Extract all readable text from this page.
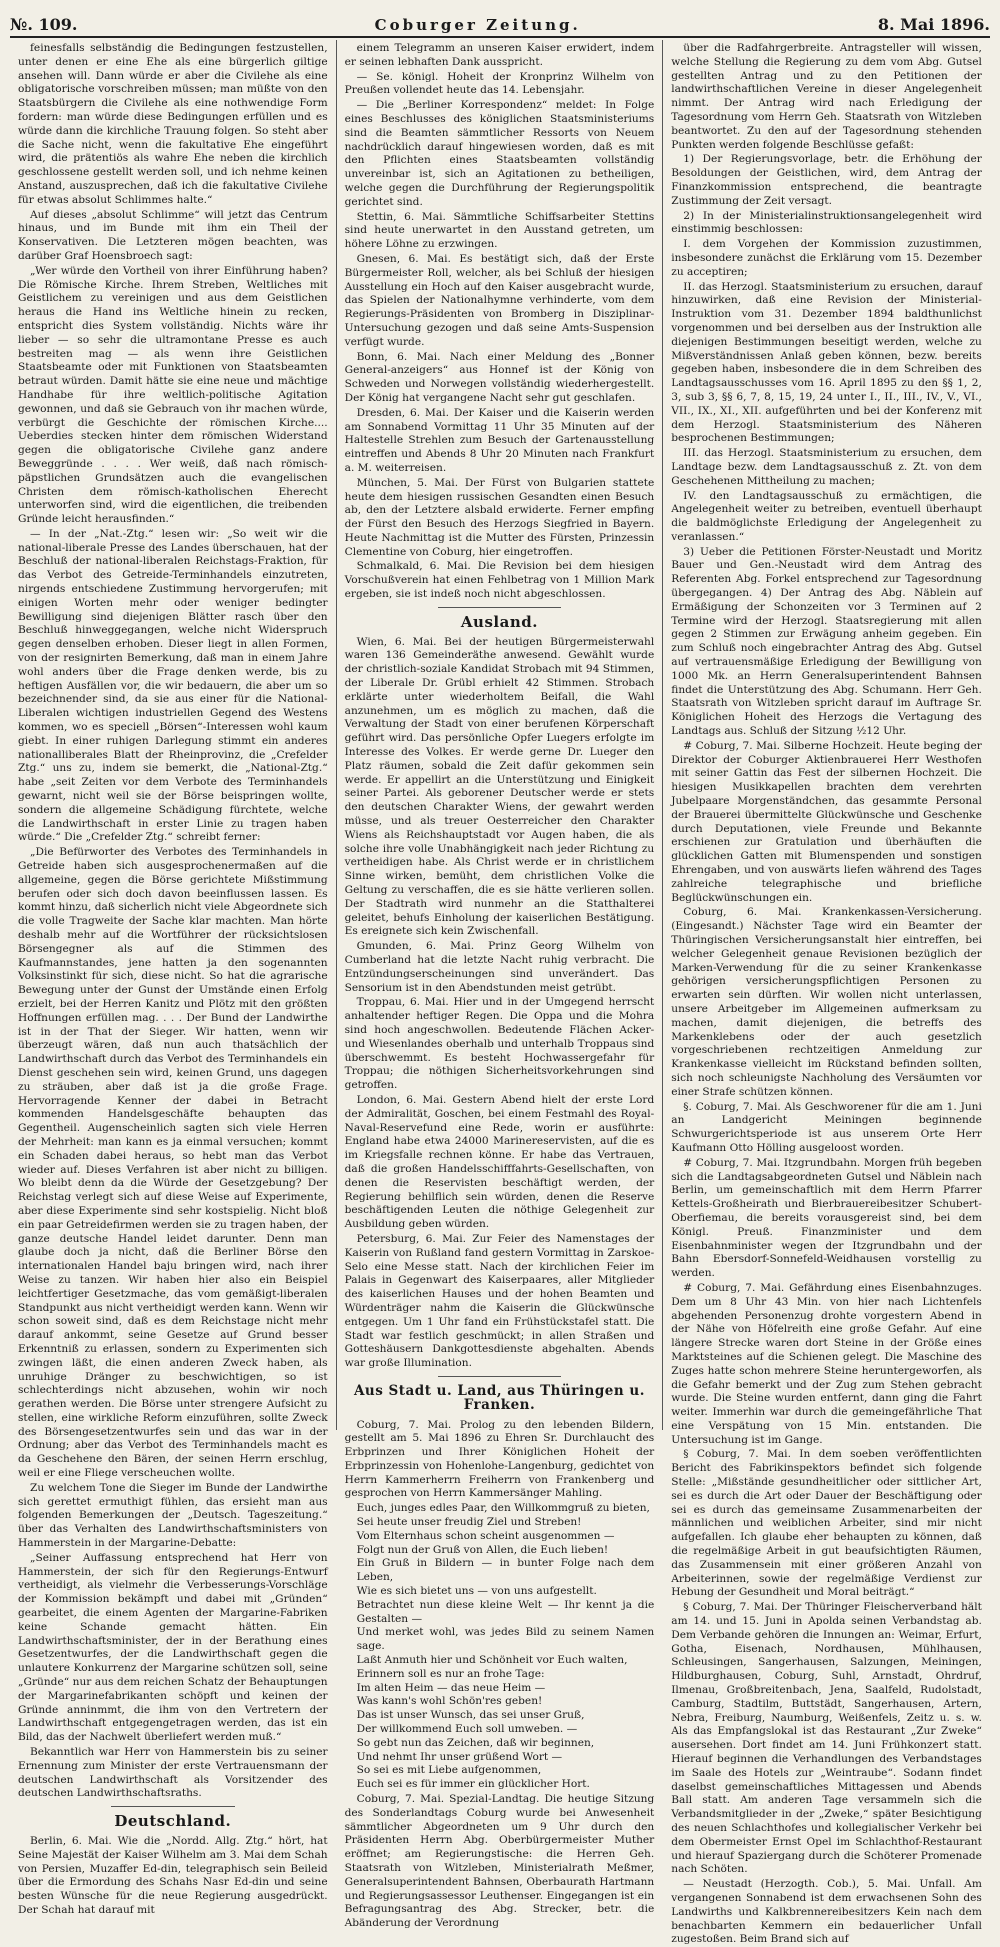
№. 109.	Coburger Zeitung.	8. Mai 1896.

feinesfalls selbständig die Bedingungen festzustellen, unter denen er eine Ehe als eine bürgerlich giltige ansehen will. Dann würde er aber die Civilehe als eine obligatorische vorschreiben müssen; man müßte von den Staatsbürgern die Civilehe als eine nothwendige Form fordern: man würde diese Bedingungen erfüllen und es würde dann die kirchliche Trauung folgen. So steht aber die Sache nicht, wenn die fakultative Ehe eingeführt wird, die prätentiös als wahre Ehe neben die kirchlich geschlossene gestellt werden soll, und ich nehme keinen Anstand, auszusprechen, daß ich die fakultative Civilehe für etwas absolut Schlimmes halte.“

Auf dieses „absolut Schlimme“ will jetzt das Centrum hinaus, und im Bunde mit ihm ein Theil der Konservativen. Die Letzteren mögen beachten, was darüber Graf Hoensbroech sagt:

„Wer würde den Vortheil von ihrer Einführung haben? Die Römische Kirche. Ihrem Streben, Weltliches mit Geistlichem zu vereinigen und aus dem Geistlichen heraus die Hand ins Weltliche hinein zu recken, entspricht dies System vollständig. Nichts wäre ihr lieber — so sehr die ultramontane Presse es auch bestreiten mag — als wenn ihre Geistlichen Staatsbeamte oder mit Funktionen von Staatsbeamten betraut würden. Damit hätte sie eine neue und mächtige Handhabe für ihre weltlich-politische Agitation gewonnen, und daß sie Gebrauch von ihr machen würde, verbürgt die Geschichte der römischen Kirche.... Ueberdies stecken hinter dem römischen Widerstand gegen die obligatorische Civilehe ganz andere Beweggründe . . . . Wer weiß, daß nach römisch-päpstlichen Grundsätzen auch die evangelischen Christen dem römisch-katholischen Eherecht unterworfen sind, wird die eigentlichen, die treibenden Gründe leicht herausfinden.“

— In der „Nat.-Ztg.“ lesen wir: „So weit wir die national-liberale Presse des Landes überschauen, hat der Beschluß der national-liberalen Reichstags-Fraktion, für das Verbot des Getreide-Terminhandels einzutreten, nirgends entschiedene Zustimmung hervorgerufen; mit einigen Worten mehr oder weniger bedingter Bewilligung sind diejenigen Blätter rasch über den Beschluß hinweggegangen, welche nicht Widerspruch gegen denselben erhoben. Dieser liegt in allen Formen, von der resignirten Bemerkung, daß man in einem Jahre wohl anders über die Frage denken werde, bis zu heftigen Ausfällen vor, die wir bedauern, die aber um so bezeichnender sind, da sie aus einer für die National-Liberalen wichtigen industriellen Gegend des Westens kommen, wo es speciell „Börsen“-Interessen wohl kaum giebt. In einer ruhigen Darlegung stimmt ein anderes nationalliberales Blatt der Rheinprovinz, die „Crefelder Ztg.“ uns zu, indem sie bemerkt, die „National-Ztg.“ habe „seit Zeiten vor dem Verbote des Terminhandels gewarnt, nicht weil sie der Börse beispringen wollte, sondern die allgemeine Schädigung fürchtete, welche die Landwirthschaft in erster Linie zu tragen haben würde.“ Die „Crefelder Ztg.“ schreibt ferner:

„Die Befürworter des Verbotes des Terminhandels in Getreide haben sich ausgesprochenermaßen auf die allgemeine, gegen die Börse gerichtete Mißstimmung berufen oder sich doch davon beeinflussen lassen. Es kommt hinzu, daß sicherlich nicht viele Abgeordnete sich die volle Tragweite der Sache klar machten. Man hörte deshalb mehr auf die Wortführer der rücksichtslosen Börsengegner als auf die Stimmen des Kaufmannstandes, jene hatten ja den sogenannten Volksinstinkt für sich, diese nicht. So hat die agrarische Bewegung unter der Gunst der Umstände einen Erfolg erzielt, bei der Herren Kanitz und Plötz mit den größten Hoffnungen erfüllen mag. . . . Der Bund der Landwirthe ist in der That der Sieger. Wir hatten, wenn wir überzeugt wären, daß nun auch thatsächlich der Landwirthschaft durch das Verbot des Terminhandels ein Dienst geschehen sein wird, keinen Grund, uns dagegen zu sträuben, aber daß ist ja die große Frage. Hervorragende Kenner der dabei in Betracht kommenden Handelsgeschäfte behaupten das Gegentheil. Augenscheinlich sagten sich viele Herren der Mehrheit: man kann es ja einmal versuchen; kommt ein Schaden dabei heraus, so hebt man das Verbot wieder auf. Dieses Verfahren ist aber nicht zu billigen. Wo bleibt denn da die Würde der Gesetzgebung? Der Reichstag verlegt sich auf diese Weise auf Experimente, aber diese Experimente sind sehr kostspielig. Nicht bloß ein paar Getreidefirmen werden sie zu tragen haben, der ganze deutsche Handel leidet darunter. Denn man glaube doch ja nicht, daß die Berliner Börse den internationalen Handel baju bringen wird, nach ihrer Weise zu tanzen. Wir haben hier also ein Beispiel leichtfertiger Gesetzmache, das vom gemäßigt-liberalen Standpunkt aus nicht vertheidigt werden kann. Wenn wir schon soweit sind, daß es dem Reichstage nicht mehr darauf ankommt, seine Gesetze auf Grund besser Erkenntniß zu erlassen, sondern zu Experimenten sich zwingen läßt, die einen anderen Zweck haben, als unruhige Dränger zu beschwichtigen, so ist schlechterdings nicht abzusehen, wohin wir noch gerathen werden. Die Börse unter strengere Aufsicht zu stellen, eine wirkliche Reform einzuführen, sollte Zweck des Börsengesetzentwurfes sein und das war in der Ordnung; aber das Verbot des Terminhandels macht es da Geschehene den Bären, der seinen Herrn erschlug, weil er eine Fliege verscheuchen wollte.

Zu welchem Tone die Sieger im Bunde der Landwirthe sich gerettet ermuthigt fühlen, das ersieht man aus folgenden Bemerkungen der „Deutsch. Tageszeitung.“ über das Verhalten des Landwirthschaftsministers von Hammerstein in der Margarine-Debatte:

„Seiner Auffassung entsprechend hat Herr von Hammerstein, der sich für den Regierungs-Entwurf vertheidigt, als vielmehr die Verbesserungs-Vorschläge der Kommission bekämpft und dabei mit „Gründen“ gearbeitet, die einem Agenten der Margarine-Fabriken keine Schande gemacht hätten. Ein Landwirthschaftsminister, der in der Berathung eines Gesetzentwurfes, der die Landwirthschaft gegen die unlautere Konkurrenz der Margarine schützen soll, seine „Gründe“ nur aus dem reichen Schatz der Behauptungen der Margarinefabrikanten schöpft und keinen der Gründe anninmmt, die ihm von den Vertretern der Landwirthschaft entgegengetragen werden, das ist ein Bild, das der Nachwelt überliefert werden muß.“

Bekanntlich war Herr von Hammerstein bis zu seiner Ernennung zum Minister der erste Vertrauensmann der deutschen Landwirthschaft als Vorsitzender des deutschen Landwirthschaftsraths.

Deutschland.

Berlin, 6. Mai. Wie die „Nordd. Allg. Ztg.“ hört, hat Seine Majestät der Kaiser Wilhelm am 3. Mai dem Schah von Persien, Muzaffer Ed-din, telegraphisch sein Beileid über die Ermordung des Schahs Nasr Ed-din und seine besten Wünsche für die neue Regierung ausgedrückt. Der Schah hat darauf mit

einem Telegramm an unseren Kaiser erwidert, indem er seinen lebhaften Dank ausspricht.

— Se. königl. Hoheit der Kronprinz Wilhelm von Preußen vollendet heute das 14. Lebensjahr.

— Die „Berliner Korrespondenz“ meldet: In Folge eines Beschlusses des königlichen Staatsministeriums sind die Beamten sämmtlicher Ressorts von Neuem nachdrücklich darauf hingewiesen worden, daß es mit den Pflichten eines Staatsbeamten vollständig unvereinbar ist, sich an Agitationen zu betheiligen, welche gegen die Durchführung der Regierungspolitik gerichtet sind.

Stettin, 6. Mai. Sämmtliche Schiffsarbeiter Stettins sind heute unerwartet in den Ausstand getreten, um höhere Löhne zu erzwingen.

Gnesen, 6. Mai. Es bestätigt sich, daß der Erste Bürgermeister Roll, welcher, als bei Schluß der hiesigen Ausstellung ein Hoch auf den Kaiser ausgebracht wurde, das Spielen der Nationalhymne verhinderte, vom dem Regierungs-Präsidenten von Bromberg in Disziplinar-Untersuchung gezogen und daß seine Amts-Suspension verfügt wurde.

Bonn, 6. Mai. Nach einer Meldung des „Bonner General-anzeigers“ aus Honnef ist der König von Schweden und Norwegen vollständig wiederhergestellt. Der König hat vergangene Nacht sehr gut geschlafen.

Dresden, 6. Mai. Der Kaiser und die Kaiserin werden am Sonnabend Vormittag 11 Uhr 35 Minuten auf der Haltestelle Strehlen zum Besuch der Gartenausstellung eintreffen und Abends 8 Uhr 20 Minuten nach Frankfurt a. M. weiterreisen.

München, 5. Mai. Der Fürst von Bulgarien stattete heute dem hiesigen russischen Gesandten einen Besuch ab, den der Letztere alsbald erwiderte. Ferner empfing der Fürst den Besuch des Herzogs Siegfried in Bayern. Heute Nachmittag ist die Mutter des Fürsten, Prinzessin Clementine von Coburg, hier eingetroffen.

Schmalkald, 6. Mai. Die Revision bei dem hiesigen Vorschußverein hat einen Fehlbetrag von 1 Million Mark ergeben, sie ist indeß noch nicht abgeschlossen.

Ausland.

Wien, 6. Mai. Bei der heutigen Bürgermeisterwahl waren 136 Gemeinderäthe anwesend. Gewählt wurde der christlich-soziale Kandidat Strobach mit 94 Stimmen, der Liberale Dr. Grübl erhielt 42 Stimmen. Strobach erklärte unter wiederholtem Beifall, die Wahl anzunehmen, um es möglich zu machen, daß die Verwaltung der Stadt von einer berufenen Körperschaft geführt wird. Das persönliche Opfer Luegers erfolgte im Interesse des Volkes. Er werde gerne Dr. Lueger den Platz räumen, sobald die Zeit dafür gekommen sein werde. Er appellirt an die Unterstützung und Einigkeit seiner Partei. Als geborener Deutscher werde er stets den deutschen Charakter Wiens, der gewahrt werden müsse, und als treuer Oesterreicher den Charakter Wiens als Reichshauptstadt vor Augen haben, die als solche ihre volle Unabhängigkeit nach jeder Richtung zu vertheidigen habe. Als Christ werde er in christlichem Sinne wirken, bemüht, dem christlichen Volke die Geltung zu verschaffen, die es sie hätte verlieren sollen. Der Stadtrath wird nunmehr an die Statthalterei geleitet, behufs Einholung der kaiserlichen Bestätigung. Es ereignete sich kein Zwischenfall.

Gmunden, 6. Mai. Prinz Georg Wilhelm von Cumberland hat die letzte Nacht ruhig verbracht. Die Entzündungserscheinungen sind unverändert. Das Sensorium ist in den Abendstunden meist getrübt.

Troppau, 6. Mai. Hier und in der Umgegend herrscht anhaltender heftiger Regen. Die Oppa und die Mohra sind hoch angeschwollen. Bedeutende Flächen Acker- und Wiesenlandes oberhalb und unterhalb Troppaus sind überschwemmt. Es besteht Hochwassergefahr für Troppau; die nöthigen Sicherheitsvorkehrungen sind getroffen.

London, 6. Mai. Gestern Abend hielt der erste Lord der Admiralität, Goschen, bei einem Festmahl des Royal-Naval-Reservefund eine Rede, worin er ausführte: England habe etwa 24000 Marinereservisten, auf die es im Kriegsfalle rechnen könne. Er habe das Vertrauen, daß die großen Handelsschifffahrts-Gesellschaften, von denen die Reservisten beschäftigt werden, der Regierung behilflich sein würden, denen die Reserve beschäftigenden Leuten die nöthige Gelegenheit zur Ausbildung geben würden.

Petersburg, 6. Mai. Zur Feier des Namenstages der Kaiserin von Rußland fand gestern Vormittag in Zarskoe-Selo eine Messe statt. Nach der kirchlichen Feier im Palais in Gegenwart des Kaiserpaares, aller Mitglieder des kaiserlichen Hauses und der hohen Beamten und Würdenträger nahm die Kaiserin die Glückwünsche entgegen. Um 1 Uhr fand ein Frühstückstafel statt. Die Stadt war festlich geschmückt; in allen Straßen und Gotteshäusern Dankgottesdienste abgehalten. Abends war große Illumination.

Aus Stadt u. Land, aus Thüringen u. Franken.

Coburg, 7. Mai. Prolog zu den lebenden Bildern, gestellt am 5. Mai 1896 zu Ehren Sr. Durchlaucht des Erbprinzen und Ihrer Königlichen Hoheit der Erbprinzessin von Hohenlohe-Langenburg, gedichtet von Herrn Kammerherrn Freiherrn von Frankenberg und gesprochen von Herrn Kammersänger Mahling.

Euch, junges edles Paar, den Willkommgruß zu bieten,

Sei heute unser freudig Ziel und Streben!

Vom Elternhaus schon scheint ausgenommen —

Folgt nun der Gruß von Allen, die Euch lieben!

Ein Gruß in Bildern — in bunter Folge nach dem Leben,

Wie es sich bietet uns — von uns aufgestellt.

Betrachtet nun diese kleine Welt — Ihr kennt ja die Gestalten —

Und merket wohl, was jedes Bild zu seinem Namen sage.

Laßt Anmuth hier und Schönheit vor Euch walten,

Erinnern soll es nur an frohe Tage:

Im alten Heim — das neue Heim —

Was kann's wohl Schön'res geben!

Das ist unser Wunsch, das sei unser Gruß,

Der willkommend Euch soll umweben. —

So gebt nun das Zeichen, daß wir beginnen,

Und nehmt Ihr unser grüßend Wort —

So sei es mit Liebe aufgenommen,

Euch sei es für immer ein glücklicher Hort.

Coburg, 7. Mai. Spezial-Landtag. Die heutige Sitzung des Sonderlandtags Coburg wurde bei Anwesenheit sämmtlicher Abgeordneten um 9 Uhr durch den Präsidenten Herrn Abg. Oberbürgermeister Muther eröffnet; am Regierungstische: die Herren Geh. Staatsrath von Witzleben, Ministerialrath Meßmer, Generalsuperintendent Bahnsen, Oberbaurath Hartmann und Regierungsassessor Leuthenser. Eingegangen ist ein Befragungsantrag des Abg. Strecker, betr. die Abänderung der Verordnung

über die Radfahrgerbreite. Antragsteller will wissen, welche Stellung die Regierung zu dem vom Abg. Gutsel gestellten Antrag und zu den Petitionen der landwirthschaftlichen Vereine in dieser Angelegenheit nimmt. Der Antrag wird nach Erledigung der Tagesordnung vom Herrn Geh. Staatsrath von Witzleben beantwortet. Zu den auf der Tagesordnung stehenden Punkten werden folgende Beschlüsse gefaßt:

1) Der Regierungsvorlage, betr. die Erhöhung der Besoldungen der Geistlichen, wird, dem Antrag der Finanzkommission entsprechend, die beantragte Zustimmung der Zeit versagt.

2) In der Ministerialinstruktionsangelegenheit wird einstimmig beschlossen:

I. dem Vorgehen der Kommission zuzustimmen, insbesondere zunächst die Erklärung vom 15. Dezember zu acceptiren;

II. das Herzogl. Staatsministerium zu ersuchen, darauf hinzuwirken, daß eine Revision der Ministerial-Instruktion vom 31. Dezember 1894 baldthunlichst vorgenommen und bei derselben aus der Instruktion alle diejenigen Bestimmungen beseitigt werden, welche zu Mißverständnissen Anlaß geben können, bezw. bereits gegeben haben, insbesondere die in dem Schreiben des Landtagsausschusses vom 16. April 1895 zu den §§ 1, 2, 3, sub 3, §§ 6, 7, 8, 15, 19, 24 unter I., II., III., IV., V., VI., VII., IX., XI., XII. aufgeführten und bei der Konferenz mit dem Herzogl. Staatsministerium des Näheren besprochenen Bestimmungen;

III. das Herzogl. Staatsministerium zu ersuchen, dem Landtage bezw. dem Landtagsausschuß z. Zt. von dem Geschehenen Mittheilung zu machen;

IV. den Landtagsausschuß zu ermächtigen, die Angelegenheit weiter zu betreiben, eventuell überhaupt die baldmöglichste Erledigung der Angelegenheit zu veranlassen.“

3) Ueber die Petitionen Förster-Neustadt und Moritz Bauer und Gen.-Neustadt wird dem Antrag des Referenten Abg. Forkel entsprechend zur Tagesordnung übergegangen. 4) Der Antrag des Abg. Näblein auf Ermäßigung der Schonzeiten vor 3 Terminen auf 2 Termine wird der Herzogl. Staatsregierung mit allen gegen 2 Stimmen zur Erwägung anheim gegeben. Ein zum Schluß noch eingebrachter Antrag des Abg. Gutsel auf vertrauensmäßige Erledigung der Bewilligung von 1000 Mk. an Herrn Generalsuperintendent Bahnsen findet die Unterstützung des Abg. Schumann. Herr Geh. Staatsrath von Witzleben spricht darauf im Auftrage Sr. Königlichen Hoheit des Herzogs die Vertagung des Landtags aus. Schluß der Sitzung ½12 Uhr.

# Coburg, 7. Mai. Silberne Hochzeit. Heute beging der Direktor der Coburger Aktienbrauerei Herr Westhofen mit seiner Gattin das Fest der silbernen Hochzeit. Die hiesigen Musikkapellen brachten dem verehrten Jubelpaare Morgenständchen, das gesammte Personal der Brauerei übermittelte Glückwünsche und Geschenke durch Deputationen, viele Freunde und Bekannte erschienen zur Gratulation und überhäuften die glücklichen Gatten mit Blumenspenden und sonstigen Ehrengaben, und von auswärts liefen während des Tages zahlreiche telegraphische und briefliche Beglückwünschungen ein.

Coburg, 6. Mai. Krankenkassen-Versicherung. (Eingesandt.) Nächster Tage wird ein Beamter der Thüringischen Versicherungsanstalt hier eintreffen, bei welcher Gelegenheit genaue Revisionen bezüglich der Marken-Verwendung für die zu seiner Krankenkasse gehörigen versicherungspflichtigen Personen zu erwarten sein dürften. Wir wollen nicht unterlassen, unsere Arbeitgeber im Allgemeinen aufmerksam zu machen, damit diejenigen, die betreffs des Markenklebens oder der auch gesetzlich vorgeschriebenen rechtzeitigen Anmeldung zur Krankenkasse vielleicht im Rückstand befinden sollten, sich noch schleunigste Nachholung des Versäumten vor einer Strafe schützen können.

§. Coburg, 7. Mai. Als Geschworener für die am 1. Juni an Landgericht Meiningen beginnende Schwurgerichtsperiode ist aus unserem Orte Herr Kaufmann Otto Hölling ausgeloost worden.

# Coburg, 7. Mai. Itzgrundbahn. Morgen früh begeben sich die Landtagsabgeordneten Gutsel und Näblein nach Berlin, um gemeinschaftlich mit dem Herrn Pfarrer Kettels-Großheirath und Bierbrauereibesitzer Schubert-Oberfiemau, die bereits vorausgereist sind, bei dem Königl. Preuß. Finanzminister und dem Eisenbahnminister wegen der Itzgrundbahn und der Bahn Ebersdorf-Sonnefeld-Weidhausen vorstellig zu werden.

# Coburg, 7. Mai. Gefährdung eines Eisenbahnzuges. Dem um 8 Uhr 43 Min. von hier nach Lichtenfels abgehenden Personenzug drohte vorgestern Abend in der Nähe von Höfelreith eine große Gefahr. Auf eine längere Strecke waren dort Steine in der Größe eines Marktsteines auf die Schienen gelegt. Die Maschine des Zuges hatte schon mehrere Steine heruntergeworfen, als die Gefahr bemerkt und der Zug zum Stehen gebracht wurde. Die Steine wurden entfernt, dann ging die Fahrt weiter. Immerhin war durch die gemeingefährliche That eine Verspätung von 15 Min. entstanden. Die Untersuchung ist im Gange.

§ Coburg, 7. Mai. In dem soeben veröffentlichten Bericht des Fabrikinspektors befindet sich folgende Stelle: „Mißstände gesundheitlicher oder sittlicher Art, sei es durch die Art oder Dauer der Beschäftigung oder sei es durch das gemeinsame Zusammenarbeiten der männlichen und weiblichen Arbeiter, sind mir nicht aufgefallen. Ich glaube eher behaupten zu können, daß die regelmäßige Arbeit in gut beaufsichtigten Räumen, das Zusammensein mit einer größeren Anzahl von Arbeiterinnen, sowie der regelmäßige Verdienst zur Hebung der Gesundheit und Moral beiträgt.“

§ Coburg, 7. Mai. Der Thüringer Fleischerverband hält am 14. und 15. Juni in Apolda seinen Verbandstag ab. Dem Verbande gehören die Innungen an: Weimar, Erfurt, Gotha, Eisenach, Nordhausen, Mühlhausen, Schleusingen, Sangerhausen, Salzungen, Meiningen, Hildburghausen, Coburg, Suhl, Arnstadt, Ohrdruf, Ilmenau, Großbreitenbach, Jena, Saalfeld, Rudolstadt, Camburg, Stadtilm, Buttstädt, Sangerhausen, Artern, Nebra, Freiburg, Naumburg, Weißenfels, Zeitz u. s. w. Als das Empfangslokal ist das Restaurant „Zur Zweke“ ausersehen. Dort findet am 14. Juni Frühkonzert statt. Hierauf beginnen die Verhandlungen des Verbandstages im Saale des Hotels zur „Weintraube“. Sodann findet daselbst gemeinschaftliches Mittagessen und Abends Ball statt. Am anderen Tage versammeln sich die Verbandsmitglieder in der „Zweke,“ später Besichtigung des neuen Schlachthofes und kollegialischer Verkehr bei dem Obermeister Ernst Opel im Schlachthof-Restaurant und hierauf Spaziergang durch die Schöterer Promenade nach Schöten.

— Neustadt (Herzogth. Cob.), 5. Mai. Unfall. Am vergangenen Sonnabend ist dem erwachsenen Sohn des Landwirths und Kalkbrennereibesitzers Kein nach dem benachbarten Kemmern ein bedauerlicher Unfall zugestoßen. Beim Brand sich auf
